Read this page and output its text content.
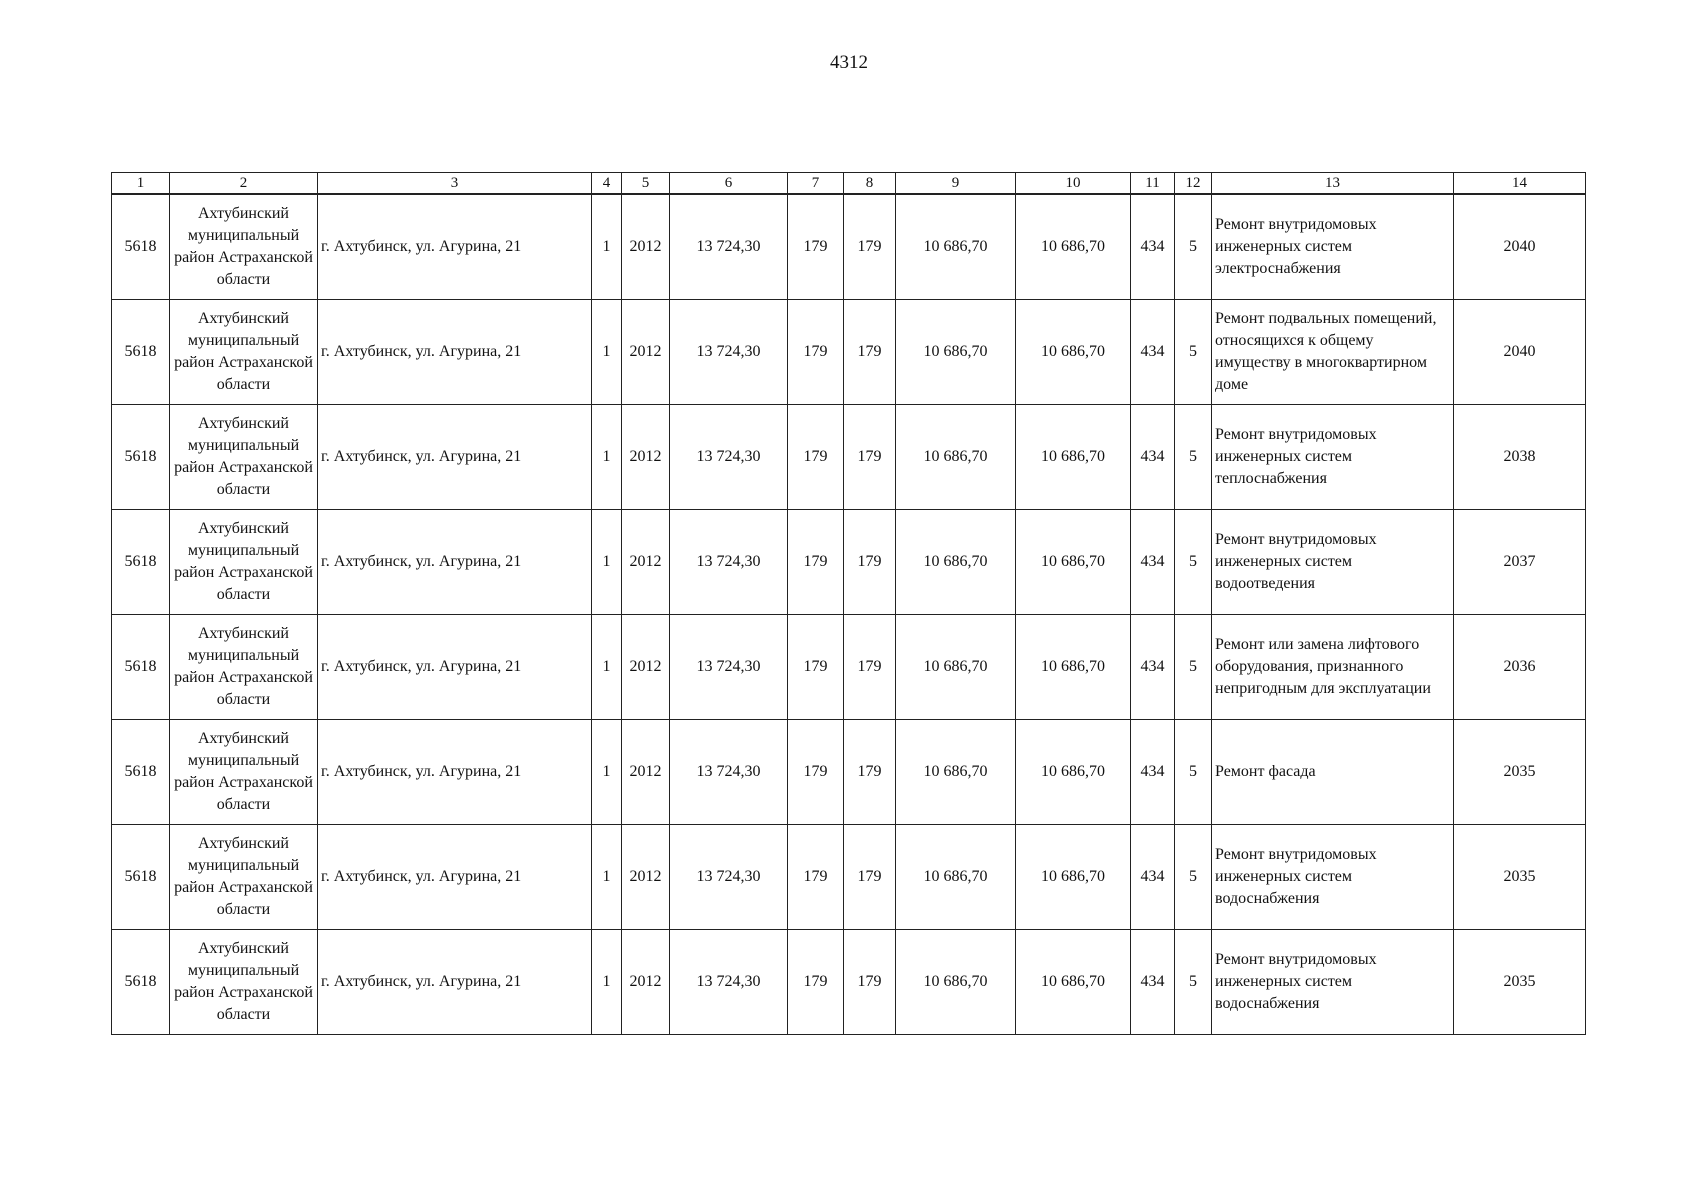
4312
1	2	3	4	5	6	7	8	9	10	11	12	13	14
5618	Ахтубинский муниципальный район Астраханской области	г. Ахтубинск, ул. Агурина, 21	1	2012	13 724,30	179	179	10 686,70	10 686,70	434	5	Ремонт внутридомовых инженерных систем электроснабжения	2040
5618	Ахтубинский муниципальный район Астраханской области	г. Ахтубинск, ул. Агурина, 21	1	2012	13 724,30	179	179	10 686,70	10 686,70	434	5	Ремонт подвальных помещений, относящихся к общему имуществу в многоквартирном доме	2040
5618	Ахтубинский муниципальный район Астраханской области	г. Ахтубинск, ул. Агурина, 21	1	2012	13 724,30	179	179	10 686,70	10 686,70	434	5	Ремонт внутридомовых инженерных систем теплоснабжения	2038
5618	Ахтубинский муниципальный район Астраханской области	г. Ахтубинск, ул. Агурина, 21	1	2012	13 724,30	179	179	10 686,70	10 686,70	434	5	Ремонт внутридомовых инженерных систем водоотведения	2037
5618	Ахтубинский муниципальный район Астраханской области	г. Ахтубинск, ул. Агурина, 21	1	2012	13 724,30	179	179	10 686,70	10 686,70	434	5	Ремонт или замена лифтового оборудования, признанного непригодным для эксплуатации	2036
5618	Ахтубинский муниципальный район Астраханской области	г. Ахтубинск, ул. Агурина, 21	1	2012	13 724,30	179	179	10 686,70	10 686,70	434	5	Ремонт фасада	2035
5618	Ахтубинский муниципальный район Астраханской области	г. Ахтубинск, ул. Агурина, 21	1	2012	13 724,30	179	179	10 686,70	10 686,70	434	5	Ремонт внутридомовых инженерных систем водоснабжения	2035
5618	Ахтубинский муниципальный район Астраханской области	г. Ахтубинск, ул. Агурина, 21	1	2012	13 724,30	179	179	10 686,70	10 686,70	434	5	Ремонт внутридомовых инженерных систем водоснабжения	2035
